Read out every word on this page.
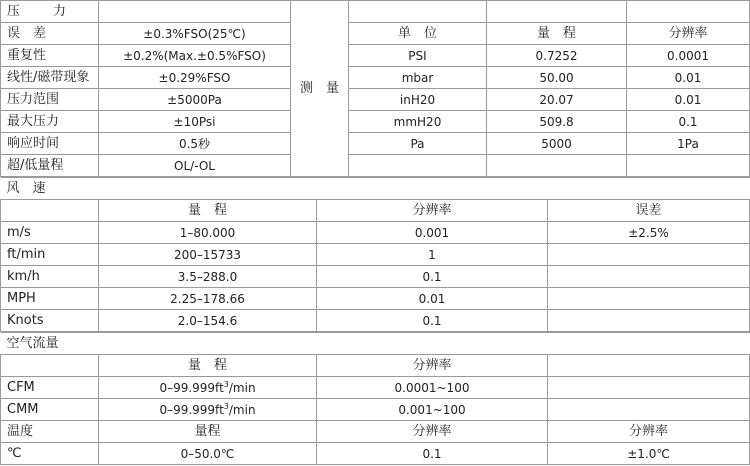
压　力		测　量			
误　差	±0.3%FSO(25℃)		单　位	量　程	分辨率
重复性	±0.2%(Max.±0.5%FSO)		PSI	0.7252	0.0001
线性/磁带现象	±0.29%FSO		mbar	50.00	0.01
压力范围	±5000Pa		inH20	20.07	0.01
最大压力	±10Psi		mmH20	509.8	0.1
响应时间	0.5秒		Pa	5000	1Pa
超/低量程	OL/-OL				
风　速			
	量　程	分辨率	误差
m/s	1–80.000	0.001	±2.5%
ft/min	200–15733	1	
km/h	3.5–288.0	0.1	
MPH	2.25–178.66	0.01	
Knots	2.0–154.6	0.1	
空气流量			
	量　程	分辨率	
CFM	$0-99.999ft^3/\min$	0.0001~100	
CMM	$0-99.999ft^3/\min$	0.001~100	
温度	量程	分辨率	分辨率
℃	0–50.0℃	0.1	±1.0℃
